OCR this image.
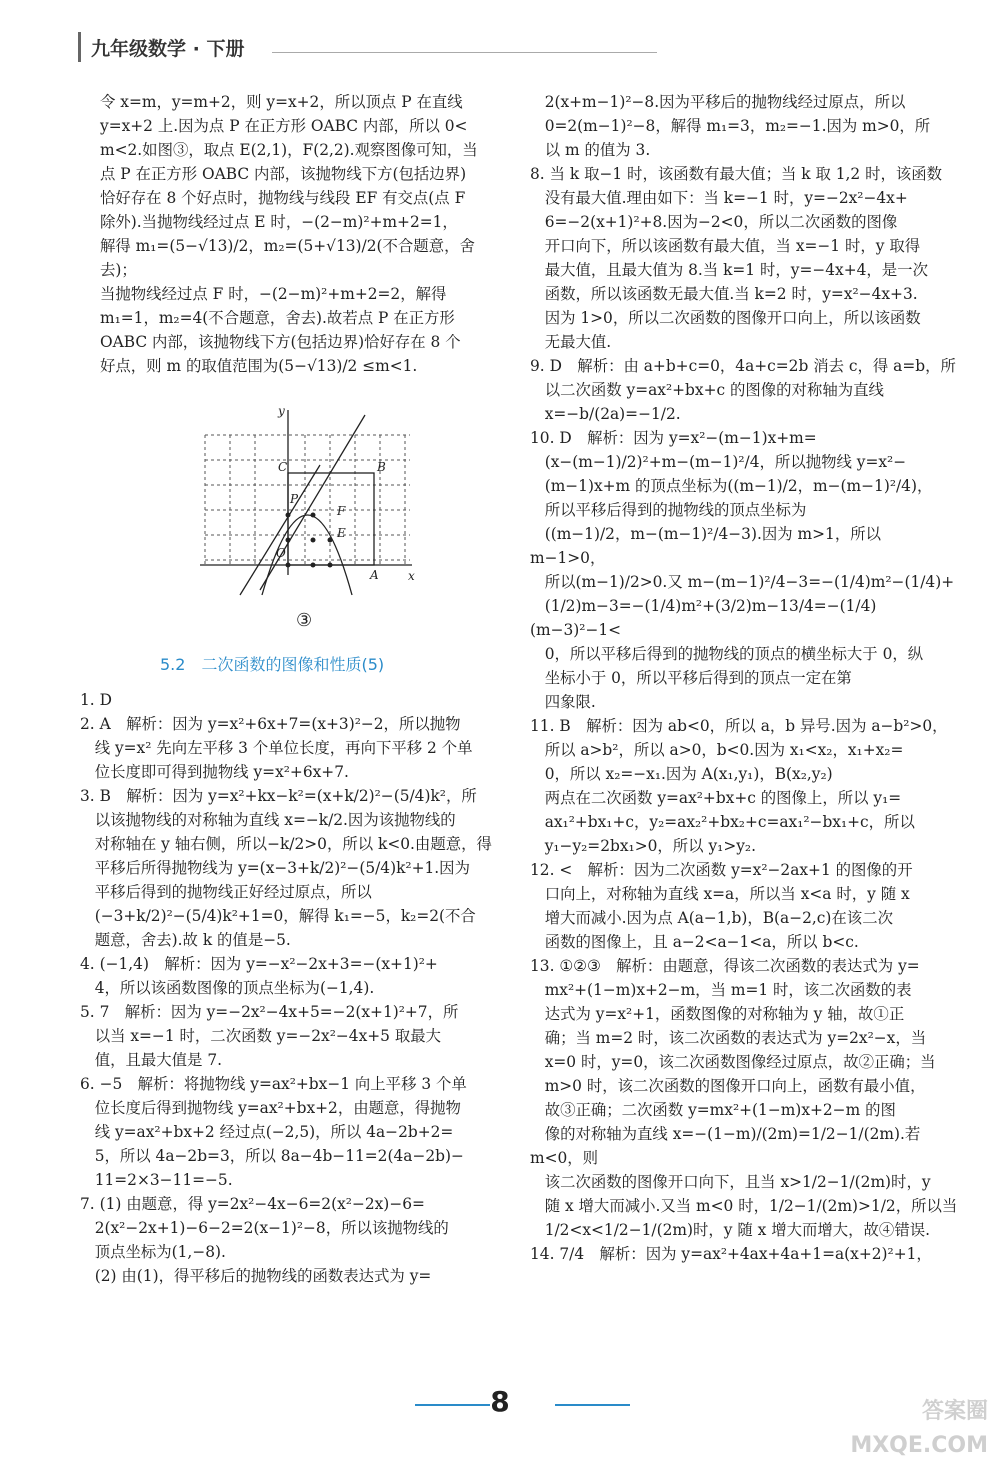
九年级数学 · 下册
令 x=m，y=m+2，则 y=x+2，所以顶点 P 在直线
y=x+2 上.因为点 P 在正方形 OABC 内部，所以 0<
m<2.如图③，取点 E(2,1)，F(2,2).观察图像可知，当
点 P 在正方形 OABC 内部，该抛物线下方(包括边界)
恰好存在 8 个好点时，抛物线与线段 EF 有交点(点 F
除外).当抛物线经过点 E 时，−(2−m)²+m+2=1，
解得 m₁=(5−√13)/2，m₂=(5+√13)/2(不合题意，舍去)；
当抛物线经过点 F 时，−(2−m)²+m+2=2，解得
m₁=1，m₂=4(不合题意，舍去).故若点 P 在正方形
OABC 内部，该抛物线下方(包括边界)恰好存在 8 个
好点，则 m 的取值范围为(5−√13)/2 ≤m<1.
y
x
C	B
P
F
E
O
A
③
5.2　二次函数的图像和性质(5)
1. D
2. A　解析：因为 y=x²+6x+7=(x+3)²−2，所以抛物
线 y=x² 先向左平移 3 个单位长度，再向下平移 2 个单
位长度即可得到抛物线 y=x²+6x+7.
3. B　解析：因为 y=x²+kx−k²=(x+k/2)²−(5/4)k²，所
以该抛物线的对称轴为直线 x=−k/2.因为该抛物线的
对称轴在 y 轴右侧，所以−k/2>0，所以 k<0.由题意，得
平移后所得抛物线为 y=(x−3+k/2)²−(5/4)k²+1.因为
平移后得到的抛物线正好经过原点，所以
(−3+k/2)²−(5/4)k²+1=0，解得 k₁=−5，k₂=2(不合
题意，舍去).故 k 的值是−5.
4. (−1,4)　解析：因为 y=−x²−2x+3=−(x+1)²+
4，所以该函数图像的顶点坐标为(−1,4).
5. 7　解析：因为 y=−2x²−4x+5=−2(x+1)²+7，所
以当 x=−1 时，二次函数 y=−2x²−4x+5 取最大
值，且最大值是 7.
6. −5　解析：将抛物线 y=ax²+bx−1 向上平移 3 个单
位长度后得到抛物线 y=ax²+bx+2，由题意，得抛物
线 y=ax²+bx+2 经过点(−2,5)，所以 4a−2b+2=
5，所以 4a−2b=3，所以 8a−4b−11=2(4a−2b)−
11=2×3−11=−5.
7. (1) 由题意，得 y=2x²−4x−6=2(x²−2x)−6=
2(x²−2x+1)−6−2=2(x−1)²−8，所以该抛物线的
顶点坐标为(1,−8).
(2) 由(1)，得平移后的抛物线的函数表达式为 y=
2(x+m−1)²−8.因为平移后的抛物线经过原点，所以
0=2(m−1)²−8，解得 m₁=3，m₂=−1.因为 m>0，所
以 m 的值为 3.
8. 当 k 取−1 时，该函数有最大值；当 k 取 1,2 时，该函数
没有最大值.理由如下：当 k=−1 时，y=−2x²−4x+
6=−2(x+1)²+8.因为−2<0，所以二次函数的图像
开口向下，所以该函数有最大值，当 x=−1 时，y 取得
最大值，且最大值为 8.当 k=1 时，y=−4x+4，是一次
函数，所以该函数无最大值.当 k=2 时，y=x²−4x+3.
因为 1>0，所以二次函数的图像开口向上，所以该函数
无最大值.
9. D　解析：由 a+b+c=0，4a+c=2b 消去 c，得 a=b，所
以二次函数 y=ax²+bx+c 的图像的对称轴为直线
x=−b/(2a)=−1/2.
10. D　解析：因为 y=x²−(m−1)x+m=
(x−(m−1)/2)²+m−(m−1)²/4，所以抛物线 y=x²−
(m−1)x+m 的顶点坐标为((m−1)/2，m−(m−1)²/4)，
所以平移后得到的抛物线的顶点坐标为
((m−1)/2，m−(m−1)²/4−3).因为 m>1，所以 m−1>0，
所以(m−1)/2>0.又 m−(m−1)²/4−3=−(1/4)m²−(1/4)+
(1/2)m−3=−(1/4)m²+(3/2)m−13/4=−(1/4)(m−3)²−1<
0，所以平移后得到的抛物线的顶点的横坐标大于 0，纵
坐标小于 0，所以平移后得到的顶点一定在第
四象限.
11. B　解析：因为 ab<0，所以 a，b 异号.因为 a−b²>0，
所以 a>b²，所以 a>0，b<0.因为 x₁<x₂，x₁+x₂=
0，所以 x₂=−x₁.因为 A(x₁,y₁)，B(x₂,y₂)
两点在二次函数 y=ax²+bx+c 的图像上，所以 y₁=
ax₁²+bx₁+c，y₂=ax₂²+bx₂+c=ax₁²−bx₁+c，所以
y₁−y₂=2bx₁>0，所以 y₁>y₂.
12. <　解析：因为二次函数 y=x²−2ax+1 的图像的开
口向上，对称轴为直线 x=a，所以当 x<a 时，y 随 x
增大而减小.因为点 A(a−1,b)，B(a−2,c)在该二次
函数的图像上，且 a−2<a−1<a，所以 b<c.
13. ①②③　解析：由题意，得该二次函数的表达式为 y=
mx²+(1−m)x+2−m，当 m=1 时，该二次函数的表
达式为 y=x²+1，函数图像的对称轴为 y 轴，故①正
确；当 m=2 时，该二次函数的表达式为 y=2x²−x，当
x=0 时，y=0，该二次函数图像经过原点，故②正确；当
m>0 时，该二次函数的图像开口向上，函数有最小值，
故③正确；二次函数 y=mx²+(1−m)x+2−m 的图
像的对称轴为直线 x=−(1−m)/(2m)=1/2−1/(2m).若 m<0，则
该二次函数的图像开口向下，且当 x>1/2−1/(2m)时，y
随 x 增大而减小.又当 m<0 时，1/2−1/(2m)>1/2，所以当
1/2<x<1/2−1/(2m)时，y 随 x 增大而增大，故④错误.
14. 7/4　解析：因为 y=ax²+4ax+4a+1=a(x+2)²+1，
8	答案圈
MXQE.COM
